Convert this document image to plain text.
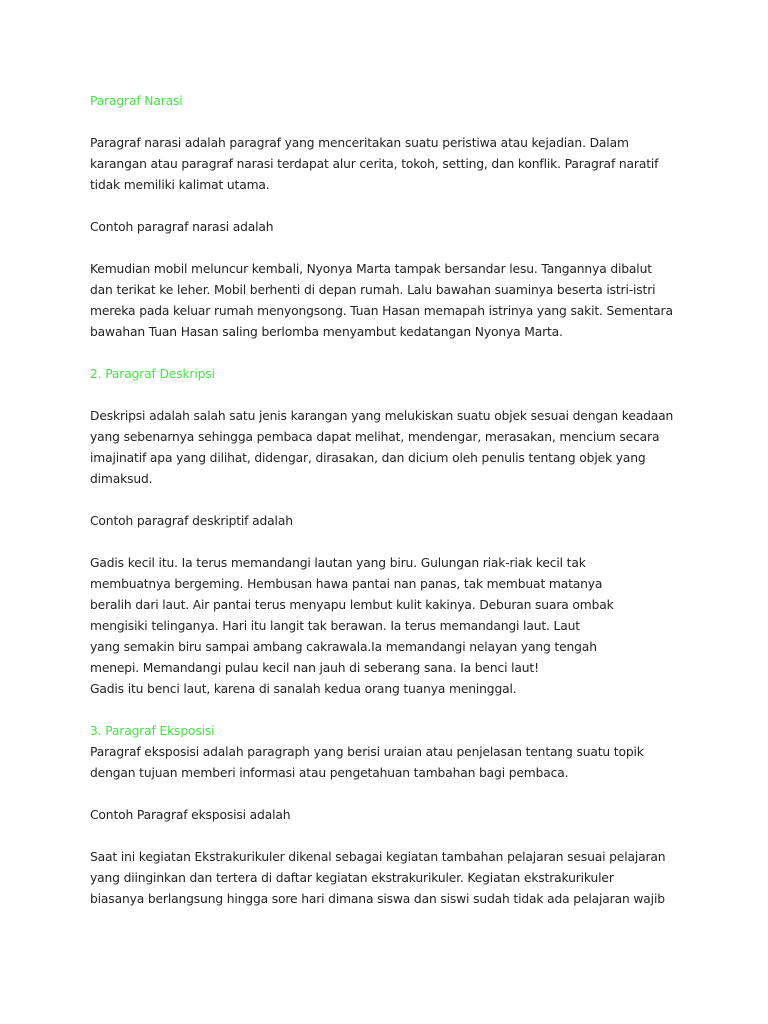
Paragraf Narasi

Paragraf narasi adalah paragraf yang menceritakan suatu peristiwa atau kejadian. Dalam
karangan atau paragraf narasi terdapat alur cerita, tokoh, setting, dan konflik. Paragraf naratif
tidak memiliki kalimat utama.

Contoh paragraf narasi adalah

Kemudian mobil meluncur kembali, Nyonya Marta tampak bersandar lesu. Tangannya dibalut
dan terikat ke leher. Mobil berhenti di depan rumah. Lalu bawahan suaminya beserta istri-istri
mereka pada keluar rumah menyongsong. Tuan Hasan memapah istrinya yang sakit. Sementara
bawahan Tuan Hasan saling berlomba menyambut kedatangan Nyonya Marta.

2. Paragraf Deskripsi

Deskripsi adalah salah satu jenis karangan yang melukiskan suatu objek sesuai dengan keadaan
yang sebenarnya sehingga pembaca dapat melihat, mendengar, merasakan, mencium secara
imajinatif apa yang dilihat, didengar, dirasakan, dan dicium oleh penulis tentang objek yang
dimaksud.

Contoh paragraf deskriptif adalah

Gadis kecil itu. Ia terus memandangi lautan yang biru. Gulungan riak-riak kecil tak
membuatnya bergeming. Hembusan hawa pantai nan panas, tak membuat matanya
beralih dari laut. Air pantai terus menyapu lembut kulit kakinya. Deburan suara ombak
mengisiki telinganya. Hari itu langit tak berawan. Ia terus memandangi laut. Laut
yang semakin biru sampai ambang cakrawala.Ia memandangi nelayan yang tengah
menepi. Memandangi pulau kecil nan jauh di seberang sana. Ia benci laut!
Gadis itu benci laut, karena di sanalah kedua orang tuanya meninggal.

3. Paragraf Eksposisi

Paragraf eksposisi adalah paragraph yang berisi uraian atau penjelasan tentang suatu topik
dengan tujuan memberi informasi atau pengetahuan tambahan bagi pembaca.

Contoh Paragraf eksposisi adalah

Saat ini kegiatan Ekstrakurikuler dikenal sebagai kegiatan tambahan pelajaran sesuai pelajaran
yang diinginkan dan tertera di daftar kegiatan ekstrakurikuler. Kegiatan ekstrakurikuler
biasanya berlangsung hingga sore hari dimana siswa dan siswi sudah tidak ada pelajaran wajib
